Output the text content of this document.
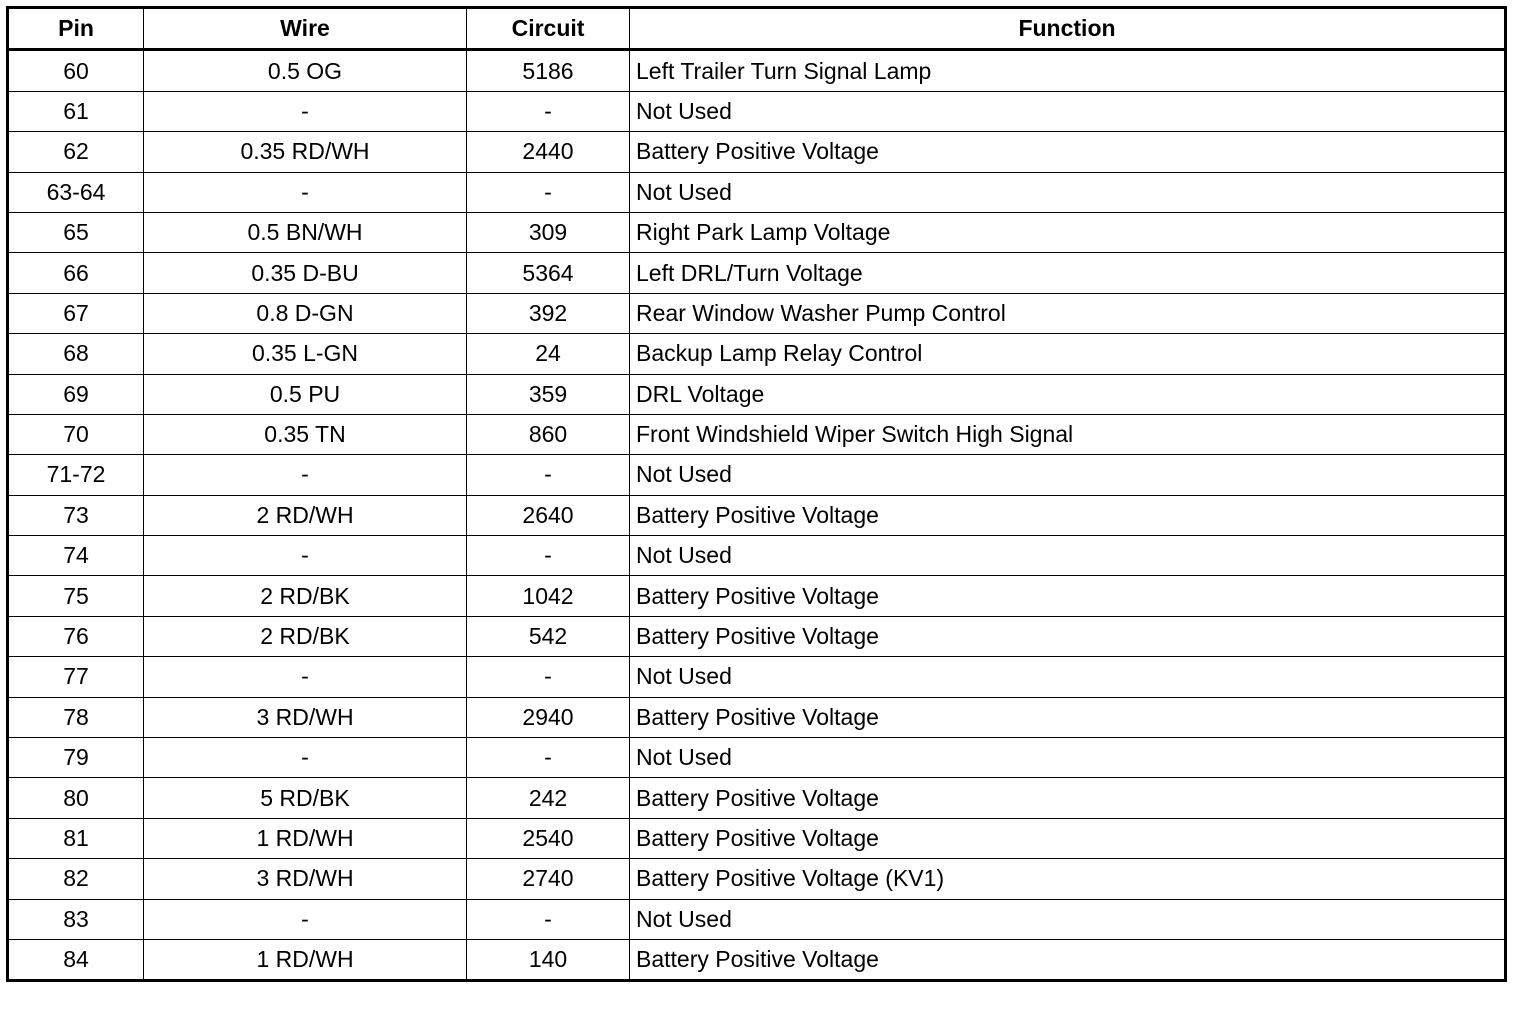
Pin	Wire	Circuit	Function
60	0.5 OG	5186	Left Trailer Turn Signal Lamp
61	-	-	Not Used
62	0.35 RD/WH	2440	Battery Positive Voltage
63-64	-	-	Not Used
65	0.5 BN/WH	309	Right Park Lamp Voltage
66	0.35 D-BU	5364	Left DRL/Turn Voltage
67	0.8 D-GN	392	Rear Window Washer Pump Control
68	0.35 L-GN	24	Backup Lamp Relay Control
69	0.5 PU	359	DRL Voltage
70	0.35 TN	860	Front Windshield Wiper Switch High Signal
71-72	-	-	Not Used
73	2 RD/WH	2640	Battery Positive Voltage
74	-	-	Not Used
75	2 RD/BK	1042	Battery Positive Voltage
76	2 RD/BK	542	Battery Positive Voltage
77	-	-	Not Used
78	3 RD/WH	2940	Battery Positive Voltage
79	-	-	Not Used
80	5 RD/BK	242	Battery Positive Voltage
81	1 RD/WH	2540	Battery Positive Voltage
82	3 RD/WH	2740	Battery Positive Voltage (KV1)
83	-	-	Not Used
84	1 RD/WH	140	Battery Positive Voltage
